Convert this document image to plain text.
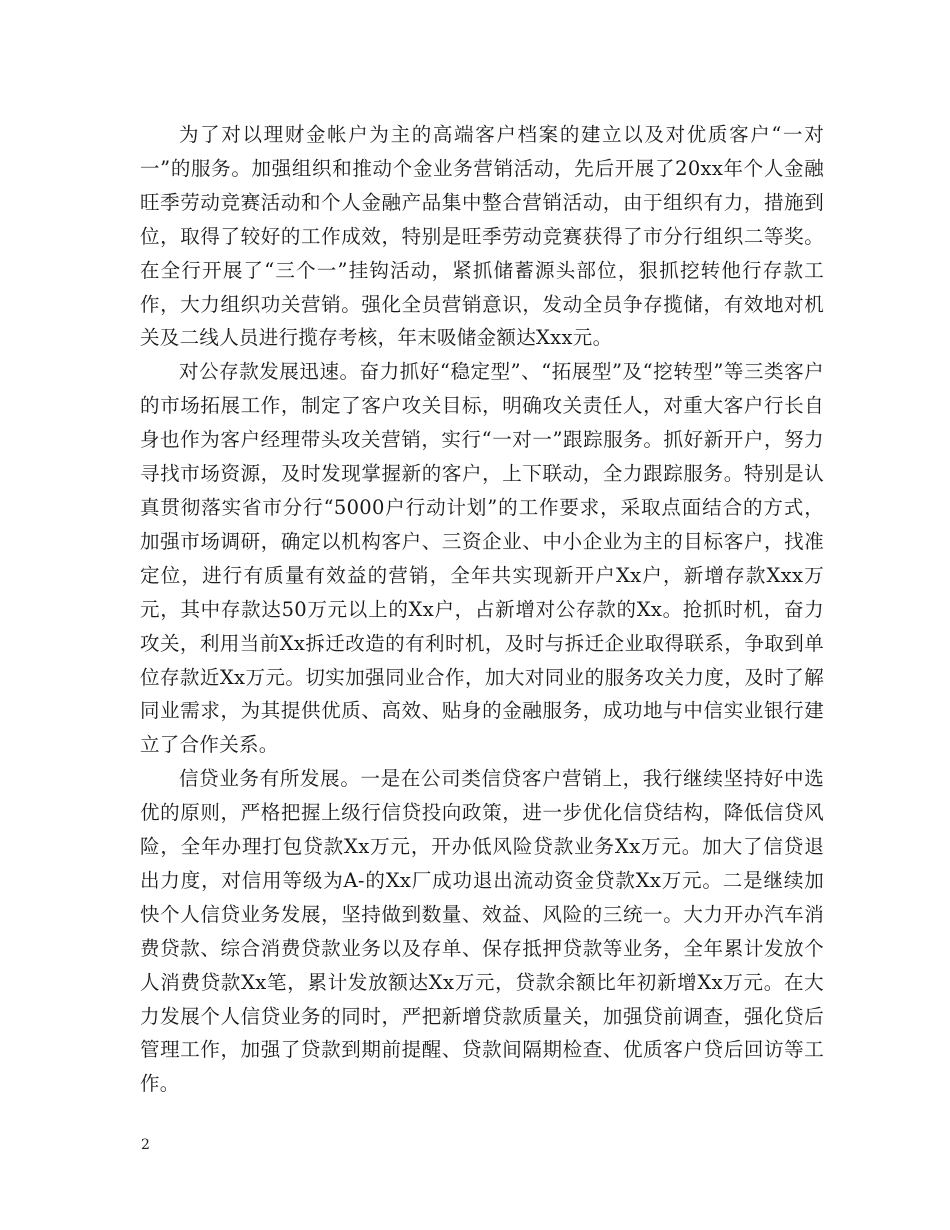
为了对以理财金帐户为主的高端客户档案的建立以及对优质客户“一对一”的服务。加强组织和推动个金业务营销活动，先后开展了20xx年个人金融旺季劳动竞赛活动和个人金融产品集中整合营销活动，由于组织有力，措施到位，取得了较好的工作成效，特别是旺季劳动竞赛获得了市分行组织二等奖。在全行开展了“三个一”挂钩活动，紧抓储蓄源头部位，狠抓挖转他行存款工作，大力组织功关营销。强化全员营销意识，发动全员争存揽储，有效地对机关及二线人员进行揽存考核，年末吸储金额达Xxx元。

对公存款发展迅速。奋力抓好“稳定型”、“拓展型”及“挖转型”等三类客户的市场拓展工作，制定了客户攻关目标，明确攻关责任人，对重大客户行长自身也作为客户经理带头攻关营销，实行“一对一”跟踪服务。抓好新开户，努力寻找市场资源，及时发现掌握新的客户，上下联动，全力跟踪服务。特别是认真贯彻落实省市分行“5000户行动计划”的工作要求，采取点面结合的方式，加强市场调研，确定以机构客户、三资企业、中小企业为主的目标客户，找准定位，进行有质量有效益的营销，全年共实现新开户Xx户，新增存款Xxx万元，其中存款达50万元以上的Xx户，占新增对公存款的Xx。抢抓时机，奋力攻关，利用当前Xx拆迁改造的有利时机，及时与拆迁企业取得联系，争取到单位存款近Xx万元。切实加强同业合作，加大对同业的服务攻关力度，及时了解同业需求，为其提供优质、高效、贴身的金融服务，成功地与中信实业银行建立了合作关系。

信贷业务有所发展。一是在公司类信贷客户营销上，我行继续坚持好中选优的原则，严格把握上级行信贷投向政策，进一步优化信贷结构，降低信贷风险，全年办理打包贷款Xx万元，开办低风险贷款业务Xx万元。加大了信贷退出力度，对信用等级为A-的Xx厂成功退出流动资金贷款Xx万元。二是继续加快个人信贷业务发展，坚持做到数量、效益、风险的三统一。大力开办汽车消费贷款、综合消费贷款业务以及存单、保存抵押贷款等业务，全年累计发放个人消费贷款Xx笔，累计发放额达Xx万元，贷款余额比年初新增Xx万元。在大力发展个人信贷业务的同时，严把新增贷款质量关，加强贷前调查，强化贷后管理工作，加强了贷款到期前提醒、贷款间隔期检查、优质客户贷后回访等工作。

2
